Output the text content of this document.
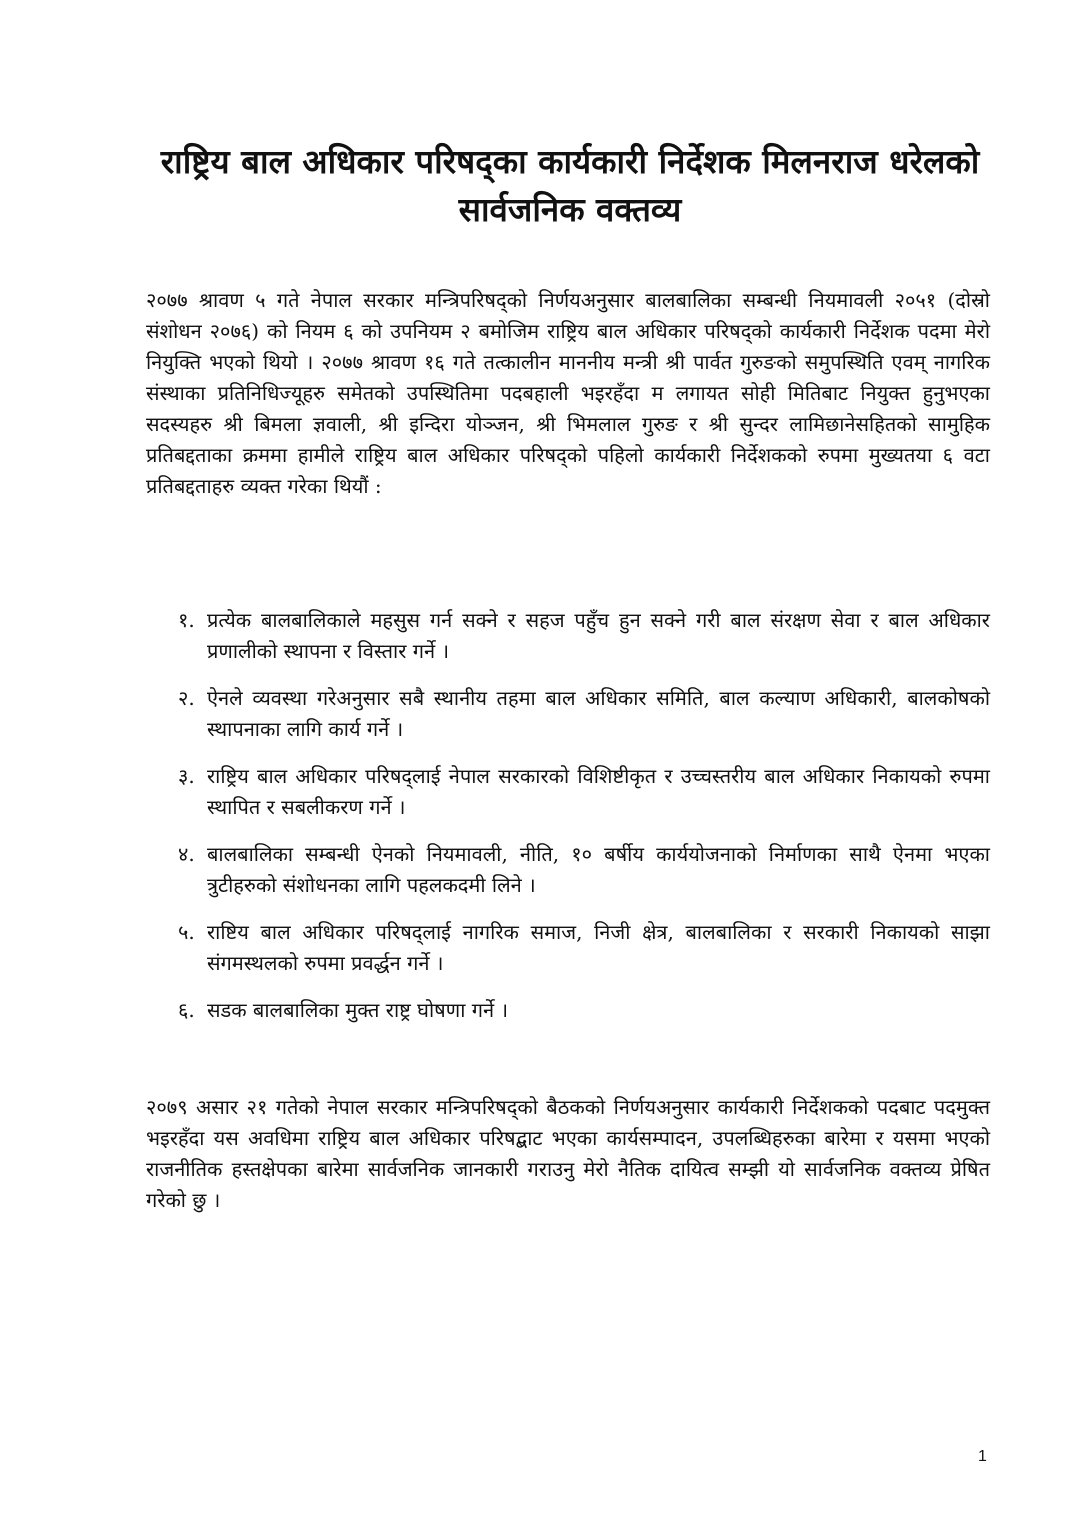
राष्ट्रिय बाल अधिकार परिषद्का कार्यकारी निर्देशक मिलनराज धरेलको
सार्वजनिक वक्तव्य

२०७७ श्रावण ५ गते नेपाल सरकार मन्त्रिपरिषद्को निर्णयअनुसार बालबालिका सम्बन्धी नियमावली २०५१ (दोस्रो संशोधन २०७६) को नियम ६ को उपनियम २ बमोजिम राष्ट्रिय बाल अधिकार परिषद्को कार्यकारी निर्देशक पदमा मेरो नियुक्ति भएको थियो । २०७७ श्रावण १६ गते तत्कालीन माननीय मन्त्री श्री पार्वत गुरुङको समुपस्थिति एवम् नागरिक संस्थाका प्रतिनिधिज्यूहरु समेतको उपस्थितिमा पदबहाली भइरहँदा म लगायत सोही मितिबाट नियुक्त हुनुभएका सदस्यहरु श्री बिमला ज्ञवाली, श्री इन्दिरा योञ्जन, श्री भिमलाल गुरुङ र श्री सुन्दर लामिछानेसहितको सामुहिक प्रतिबद्दताका क्रममा हामीले राष्ट्रिय बाल अधिकार परिषद्को पहिलो कार्यकारी निर्देशकको रुपमा मुख्यतया ६ वटा प्रतिबद्दताहरु व्यक्त गरेका थियौं :

१. प्रत्येक बालबालिकाले महसुस गर्न सक्ने र सहज पहुँच हुन सक्ने गरी बाल संरक्षण सेवा र बाल अधिकार प्रणालीको स्थापना र विस्तार गर्ने ।
२. ऐनले व्यवस्था गरेअनुसार सबै स्थानीय तहमा बाल अधिकार समिति, बाल कल्याण अधिकारी, बालकोषको स्थापनाका लागि कार्य गर्ने ।
३. राष्ट्रिय बाल अधिकार परिषद्लाई नेपाल सरकारको विशिष्टीकृत र उच्चस्तरीय बाल अधिकार निकायको रुपमा स्थापित र सबलीकरण गर्ने ।
४. बालबालिका सम्बन्धी ऐनको नियमावली, नीति, १० बर्षीय कार्ययोजनाको निर्माणका साथै ऐनमा भएका त्रुटीहरुको संशोधनका लागि पहलकदमी लिने ।
५. राष्टिय बाल अधिकार परिषद्लाई नागरिक समाज, निजी क्षेत्र, बालबालिका र सरकारी निकायको साझा संगमस्थलको रुपमा प्रवर्द्धन गर्ने ।
६. सडक बालबालिका मुक्त राष्ट्र घोषणा गर्ने ।

२०७९ असार २१ गतेको नेपाल सरकार मन्त्रिपरिषद्को बैठकको निर्णयअनुसार कार्यकारी निर्देशकको पदबाट पदमुक्त भइरहँदा यस अवधिमा राष्ट्रिय बाल अधिकार परिषद्बाट भएका कार्यसम्पादन, उपलब्धिहरुका बारेमा र यसमा भएको राजनीतिक हस्तक्षेपका बारेमा सार्वजनिक जानकारी गराउनु मेरो नैतिक दायित्व सम्झी यो सार्वजनिक वक्तव्य प्रेषित गरेको छु ।

1
